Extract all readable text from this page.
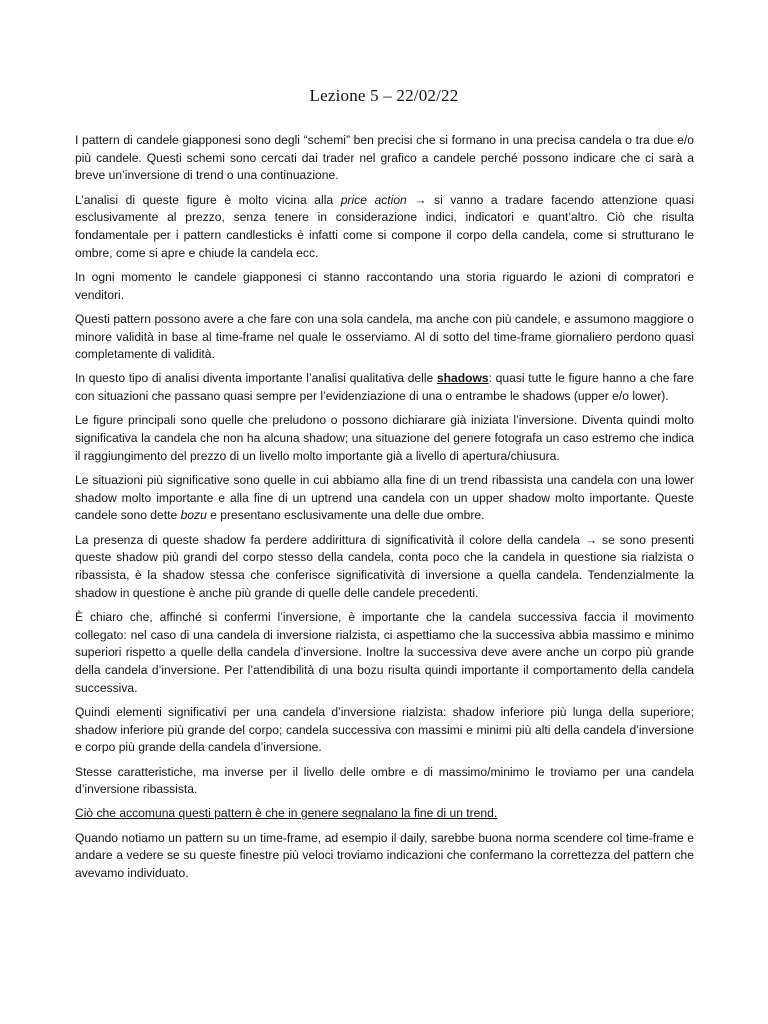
Lezione 5 – 22/02/22

I pattern di candele giapponesi sono degli “schemi” ben precisi che si formano in una precisa candela o tra due e/o più candele. Questi schemi sono cercati dai trader nel grafico a candele perché possono indicare che ci sarà a breve un’inversione di trend o una continuazione.

L’analisi di queste figure è molto vicina alla price action → si vanno a tradare facendo attenzione quasi esclusivamente al prezzo, senza tenere in considerazione indici, indicatori e quant’altro. Ciò che risulta fondamentale per i pattern candlesticks è infatti come si compone il corpo della candela, come si strutturano le ombre, come si apre e chiude la candela ecc.

In ogni momento le candele giapponesi ci stanno raccontando una storia riguardo le azioni di compratori e venditori.

Questi pattern possono avere a che fare con una sola candela, ma anche con più candele, e assumono maggiore o minore validità in base al time-frame nel quale le osserviamo. Al di sotto del time-frame giornaliero perdono quasi completamente di validità.

In questo tipo di analisi diventa importante l’analisi qualitativa delle shadows: quasi tutte le figure hanno a che fare con situazioni che passano quasi sempre per l’evidenziazione di una o entrambe le shadows (upper e/o lower).

Le figure principali sono quelle che preludono o possono dichiarare già iniziata l’inversione. Diventa quindi molto significativa la candela che non ha alcuna shadow; una situazione del genere fotografa un caso estremo che indica il raggiungimento del prezzo di un livello molto importante già a livello di apertura/chiusura.

Le situazioni più significative sono quelle in cui abbiamo alla fine di un trend ribassista una candela con una lower shadow molto importante e alla fine di un uptrend una candela con un upper shadow molto importante. Queste candele sono dette bozu e presentano esclusivamente una delle due ombre.

La presenza di queste shadow fa perdere addirittura di significatività il colore della candela → se sono presenti queste shadow più grandi del corpo stesso della candela, conta poco che la candela in questione sia rialzista o ribassista, è la shadow stessa che conferisce significatività di inversione a quella candela. Tendenzialmente la shadow in questione è anche più grande di quelle delle candele precedenti.

È chiaro che, affinché si confermi l’inversione, è importante che la candela successiva faccia il movimento collegato: nel caso di una candela di inversione rialzista, ci aspettiamo che la successiva abbia massimo e minimo superiori rispetto a quelle della candela d’inversione. Inoltre la successiva deve avere anche un corpo più grande della candela d’inversione. Per l’attendibilità di una bozu risulta quindi importante il comportamento della candela successiva.

Quindi elementi significativi per una candela d’inversione rialzista: shadow inferiore più lunga della superiore; shadow inferiore più grande del corpo; candela successiva con massimi e minimi più alti della candela d’inversione e corpo più grande della candela d’inversione.

Stesse caratteristiche, ma inverse per il livello delle ombre e di massimo/minimo le troviamo per una candela d’inversione ribassista.

Ciò che accomuna questi pattern è che in genere segnalano la fine di un trend.

Quando notiamo un pattern su un time-frame, ad esempio il daily, sarebbe buona norma scendere col time-frame e andare a vedere se su queste finestre più veloci troviamo indicazioni che confermano la correttezza del pattern che avevamo individuato.
